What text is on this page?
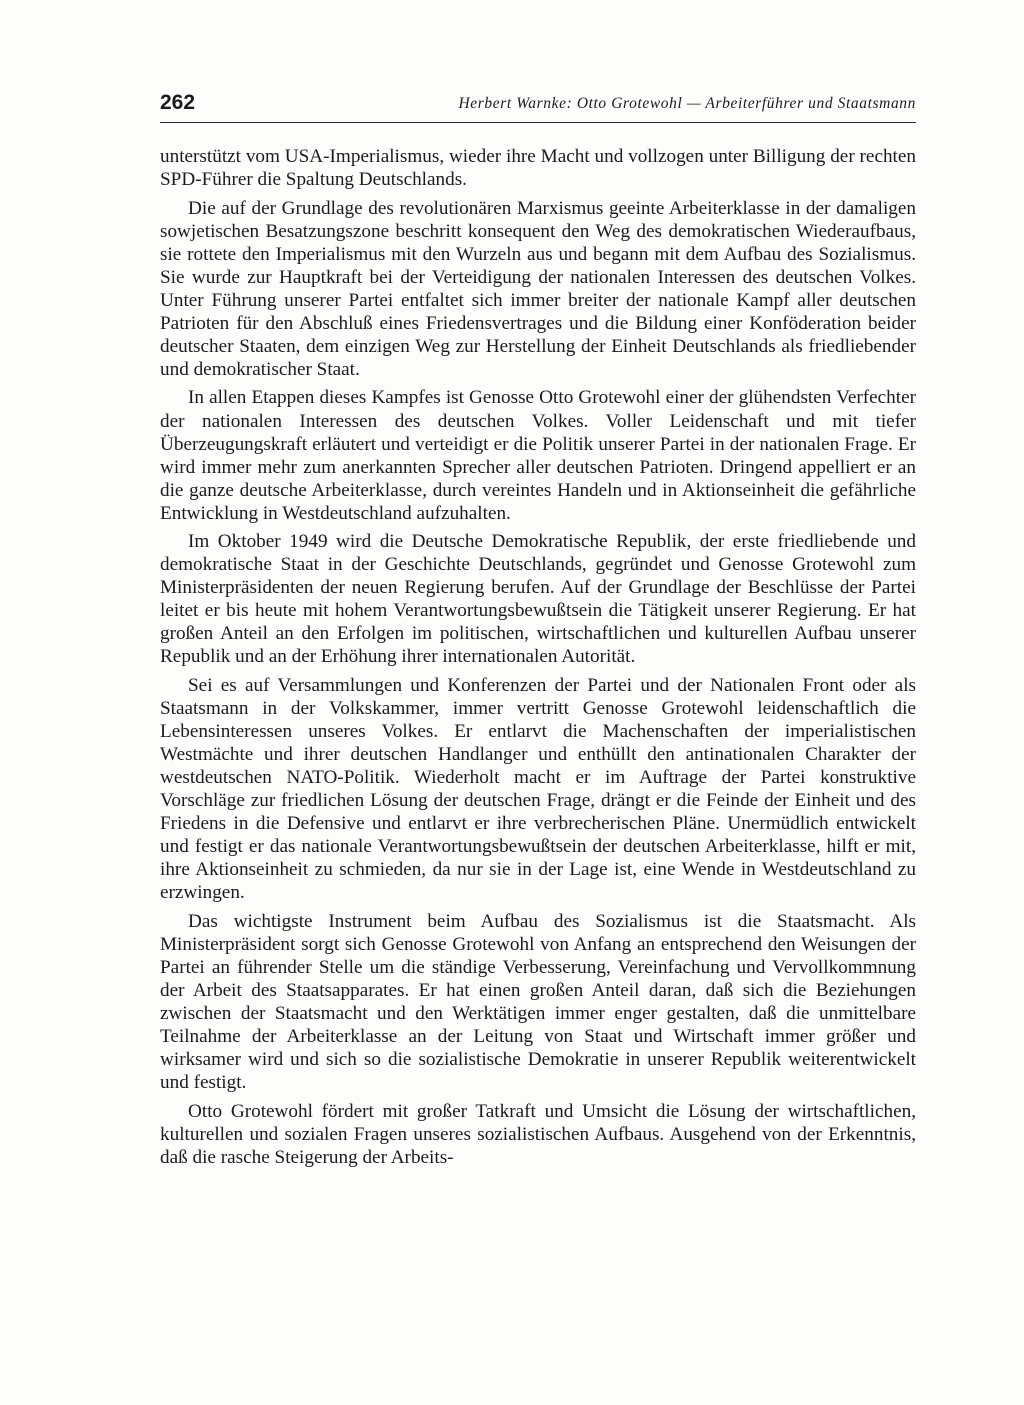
262	Herbert Warnke: Otto Grotewohl — Arbeiterführer und Staatsmann

unterstützt vom USA-Imperialismus, wieder ihre Macht und vollzogen unter Billigung der rechten SPD-Führer die Spaltung Deutschlands.

Die auf der Grundlage des revolutionären Marxismus geeinte Arbeiterklasse in der damaligen sowjetischen Besatzungszone beschritt konsequent den Weg des demokratischen Wiederaufbaus, sie rottete den Imperialismus mit den Wurzeln aus und begann mit dem Aufbau des Sozialismus. Sie wurde zur Hauptkraft bei der Verteidigung der nationalen Interessen des deutschen Volkes. Unter Führung unserer Partei entfaltet sich immer breiter der nationale Kampf aller deutschen Patrioten für den Abschluß eines Friedensvertrages und die Bildung einer Konföderation beider deutscher Staaten, dem einzigen Weg zur Herstellung der Einheit Deutschlands als friedliebender und demokratischer Staat.

In allen Etappen dieses Kampfes ist Genosse Otto Grotewohl einer der glühendsten Verfechter der nationalen Interessen des deutschen Volkes. Voller Leidenschaft und mit tiefer Überzeugungskraft erläutert und verteidigt er die Politik unserer Partei in der nationalen Frage. Er wird immer mehr zum anerkannten Sprecher aller deutschen Patrioten. Dringend appelliert er an die ganze deutsche Arbeiterklasse, durch vereintes Handeln und in Aktionseinheit die gefährliche Entwicklung in Westdeutschland aufzuhalten.

Im Oktober 1949 wird die Deutsche Demokratische Republik, der erste friedliebende und demokratische Staat in der Geschichte Deutschlands, gegründet und Genosse Grotewohl zum Ministerpräsidenten der neuen Regierung berufen. Auf der Grundlage der Beschlüsse der Partei leitet er bis heute mit hohem Verantwortungsbewußtsein die Tätigkeit unserer Regierung. Er hat großen Anteil an den Erfolgen im politischen, wirtschaftlichen und kulturellen Aufbau unserer Republik und an der Erhöhung ihrer internationalen Autorität.

Sei es auf Versammlungen und Konferenzen der Partei und der Nationalen Front oder als Staatsmann in der Volkskammer, immer vertritt Genosse Grotewohl leidenschaftlich die Lebensinteressen unseres Volkes. Er entlarvt die Machenschaften der imperialistischen Westmächte und ihrer deutschen Handlanger und enthüllt den antinationalen Charakter der westdeutschen NATO-Politik. Wiederholt macht er im Auftrage der Partei konstruktive Vorschläge zur friedlichen Lösung der deutschen Frage, drängt er die Feinde der Einheit und des Friedens in die Defensive und entlarvt er ihre verbrecherischen Pläne. Unermüdlich entwickelt und festigt er das nationale Verantwortungsbewußtsein der deutschen Arbeiterklasse, hilft er mit, ihre Aktionseinheit zu schmieden, da nur sie in der Lage ist, eine Wende in Westdeutschland zu erzwingen.

Das wichtigste Instrument beim Aufbau des Sozialismus ist die Staatsmacht. Als Ministerpräsident sorgt sich Genosse Grotewohl von Anfang an entsprechend den Weisungen der Partei an führender Stelle um die ständige Verbesserung, Vereinfachung und Vervollkommnung der Arbeit des Staatsapparates. Er hat einen großen Anteil daran, daß sich die Beziehungen zwischen der Staatsmacht und den Werktätigen immer enger gestalten, daß die unmittelbare Teilnahme der Arbeiterklasse an der Leitung von Staat und Wirtschaft immer größer und wirksamer wird und sich so die sozialistische Demokratie in unserer Republik weiterentwickelt und festigt.

Otto Grotewohl fördert mit großer Tatkraft und Umsicht die Lösung der wirtschaftlichen, kulturellen und sozialen Fragen unseres sozialistischen Aufbaus. Ausgehend von der Erkenntnis, daß die rasche Steigerung der Arbeits-
